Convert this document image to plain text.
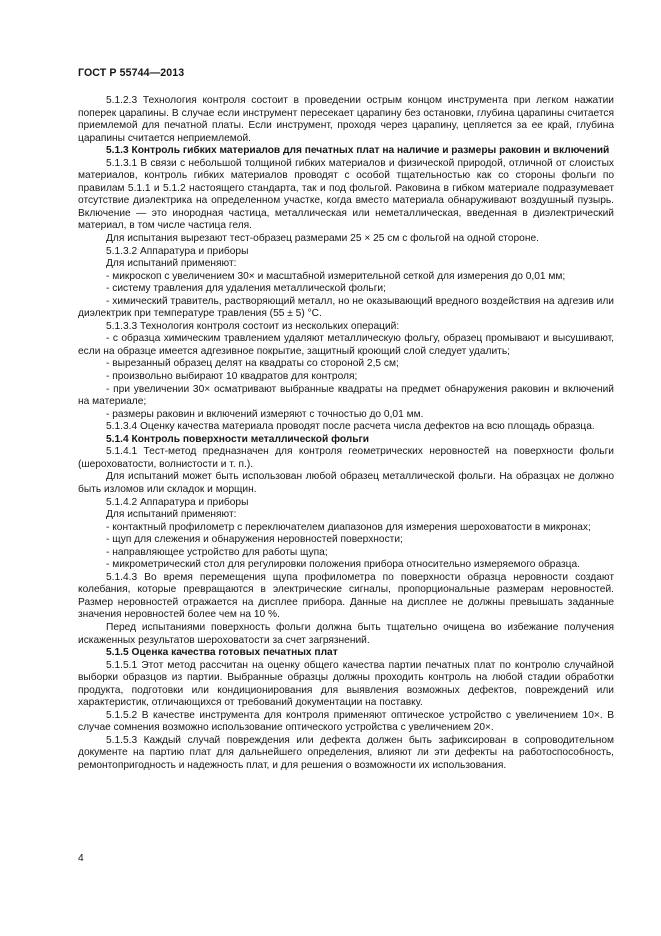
ГОСТ Р 55744—2013

5.1.2.3 Технология контроля состоит в проведении острым концом инструмента при легком нажатии поперек царапины. В случае если инструмент пересекает царапину без остановки, глубина царапины считается приемлемой для печатной платы. Если инструмент, проходя через царапину, цепляется за ее край, глубина царапины считается неприемлемой.

5.1.3 Контроль гибких материалов для печатных плат на наличие и размеры раковин и включений

5.1.3.1 В связи с небольшой толщиной гибких материалов и физической природой, отличной от слоистых материалов, контроль гибких материалов проводят с особой тщательностью как со стороны фольги по правилам 5.1.1 и 5.1.2 настоящего стандарта, так и под фольгой. Раковина в гибком материале подразумевает отсутствие диэлектрика на определенном участке, когда вместо материала обнаруживают воздушный пузырь. Включение — это инородная частица, металлическая или неметаллическая, введенная в диэлектрический материал, в том числе частица геля.

Для испытания вырезают тест-образец размерами 25 × 25 см с фольгой на одной стороне.

5.1.3.2 Аппаратура и приборы

Для испытаний применяют:

- микроскоп с увеличением 30× и масштабной измерительной сеткой для измерения до 0,01 мм;

- систему травления для удаления металлической фольги;

- химический травитель, растворяющий металл, но не оказывающий вредного воздействия на адгезив или диэлектрик при температуре травления (55 ± 5) °С.

5.1.3.3 Технология контроля состоит из нескольких операций:

- с образца химическим травлением удаляют металлическую фольгу, образец промывают и высушивают, если на образце имеется адгезивное покрытие, защитный кроющий слой следует удалить;

- вырезанный образец делят на квадраты со стороной 2,5 см;

- произвольно выбирают 10 квадратов для контроля;

- при увеличении 30× осматривают выбранные квадраты на предмет обнаружения раковин и включений на материале;

- размеры раковин и включений измеряют с точностью до 0,01 мм.

5.1.3.4 Оценку качества материала проводят после расчета числа дефектов на всю площадь образца.

5.1.4 Контроль поверхности металлической фольги

5.1.4.1 Тест-метод предназначен для контроля геометрических неровностей на поверхности фольги (шероховатости, волнистости и т. п.).

Для испытаний может быть использован любой образец металлической фольги. На образцах не должно быть изломов или складок и морщин.

5.1.4.2 Аппаратура и приборы

Для испытаний применяют:

- контактный профилометр с переключателем диапазонов для измерения шероховатости в микронах;

- щуп для слежения и обнаружения неровностей поверхности;

- направляющее устройство для работы щупа;

- микрометрический стол для регулировки положения прибора относительно измеряемого образца.

5.1.4.3 Во время перемещения щупа профилометра по поверхности образца неровности создают колебания, которые превращаются в электрические сигналы, пропорциональные размерам неровностей. Размер неровностей отражается на дисплее прибора. Данные на дисплее не должны превышать заданные значения неровностей более чем на 10 %.

Перед испытаниями поверхность фольги должна быть тщательно очищена во избежание получения искаженных результатов шероховатости за счет загрязнений.

5.1.5 Оценка качества готовых печатных плат

5.1.5.1 Этот метод рассчитан на оценку общего качества партии печатных плат по контролю случайной выборки образцов из партии. Выбранные образцы должны проходить контроль на любой стадии обработки продукта, подготовки или кондиционирования для выявления возможных дефектов, повреждений или характеристик, отличающихся от требований документации на поставку.

5.1.5.2 В качестве инструмента для контроля применяют оптическое устройство с увеличением 10×. В случае сомнения возможно использование оптического устройства с увеличением 20×.

5.1.5.3 Каждый случай повреждения или дефекта должен быть зафиксирован в сопроводительном документе на партию плат для дальнейшего определения, влияют ли эти дефекты на работоспособность, ремонтопригодность и надежность плат, и для решения о возможности их использования.

4
